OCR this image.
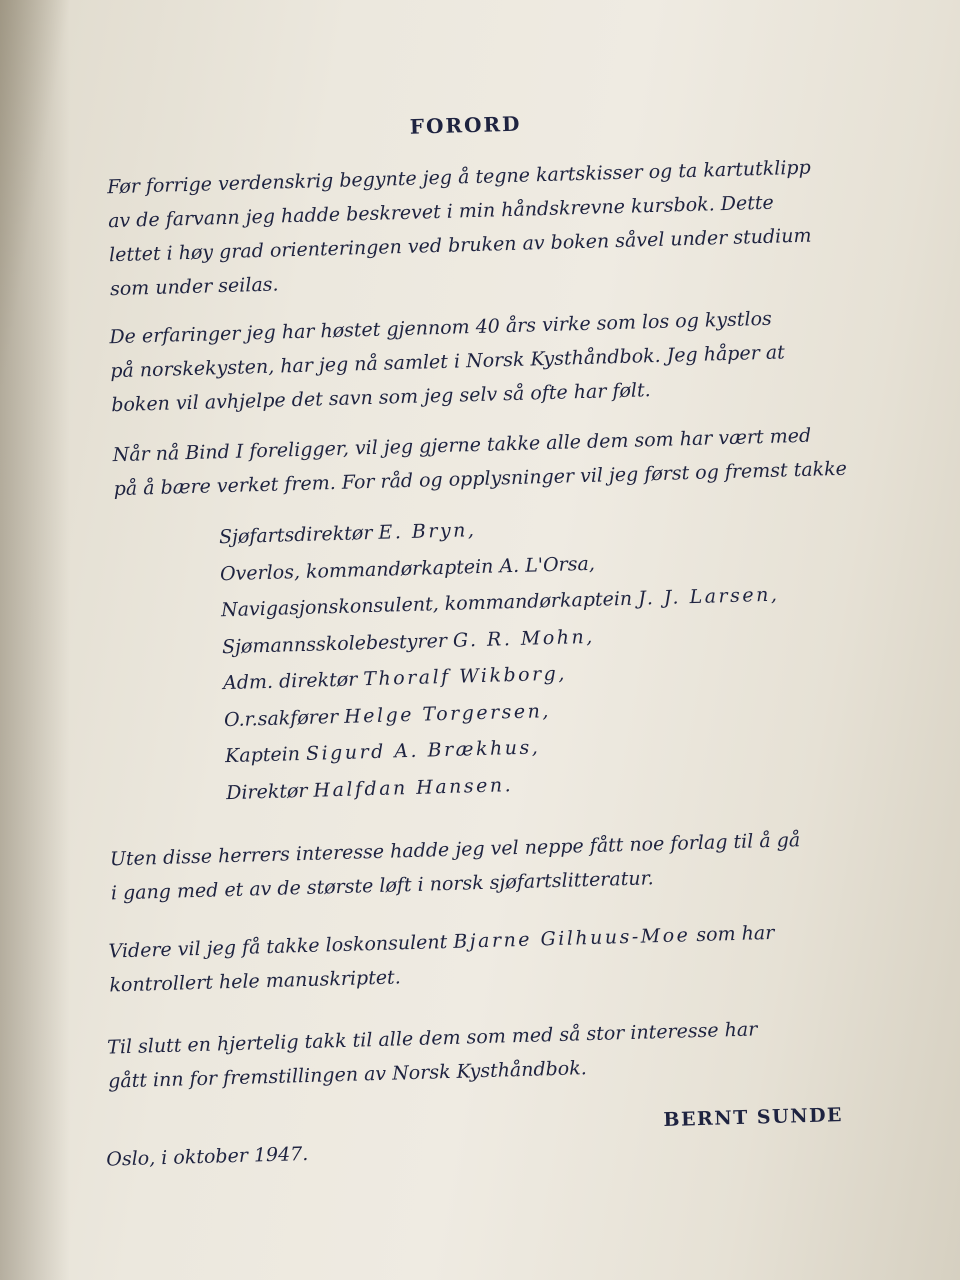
FORORD

Før forrige verdenskrig begynte jeg å tegne kartskisser og ta kartutklipp
av de farvann jeg hadde beskrevet i min håndskrevne kursbok. Dette
lettet i høy grad orienteringen ved bruken av boken såvel under studium
som under seilas.

De erfaringer jeg har høstet gjennom 40 års virke som los og kystlos
på norskekysten, har jeg nå samlet i Norsk Kysthåndbok. Jeg håper at
boken vil avhjelpe det savn som jeg selv så ofte har følt.

Når nå Bind I foreligger, vil jeg gjerne takke alle dem som har vært med
på å bære verket frem. For råd og opplysninger vil jeg først og fremst takke

Sjøfartsdirektør E. Bryn,
Overlos, kommandørkaptein A. L'Orsa,
Navigasjonskonsulent, kommandørkaptein J. J. Larsen,
Sjømannsskolebestyrer G. R. Mohn,
Adm. direktør Thoralf Wikborg,
O.r.sakfører Helge Torgersen,
Kaptein Sigurd A. Brækhus,
Direktør Halfdan Hansen.

Uten disse herrers interesse hadde jeg vel neppe fått noe forlag til å gå
i gang med et av de største løft i norsk sjøfartslitteratur.

Videre vil jeg få takke loskonsulent Bjarne Gilhuus-Moe som har
kontrollert hele manuskriptet.

Til slutt en hjertelig takk til alle dem som med så stor interesse har
gått inn for fremstillingen av Norsk Kysthåndbok.

Oslo, i oktober 1947.
BERNT SUNDE
